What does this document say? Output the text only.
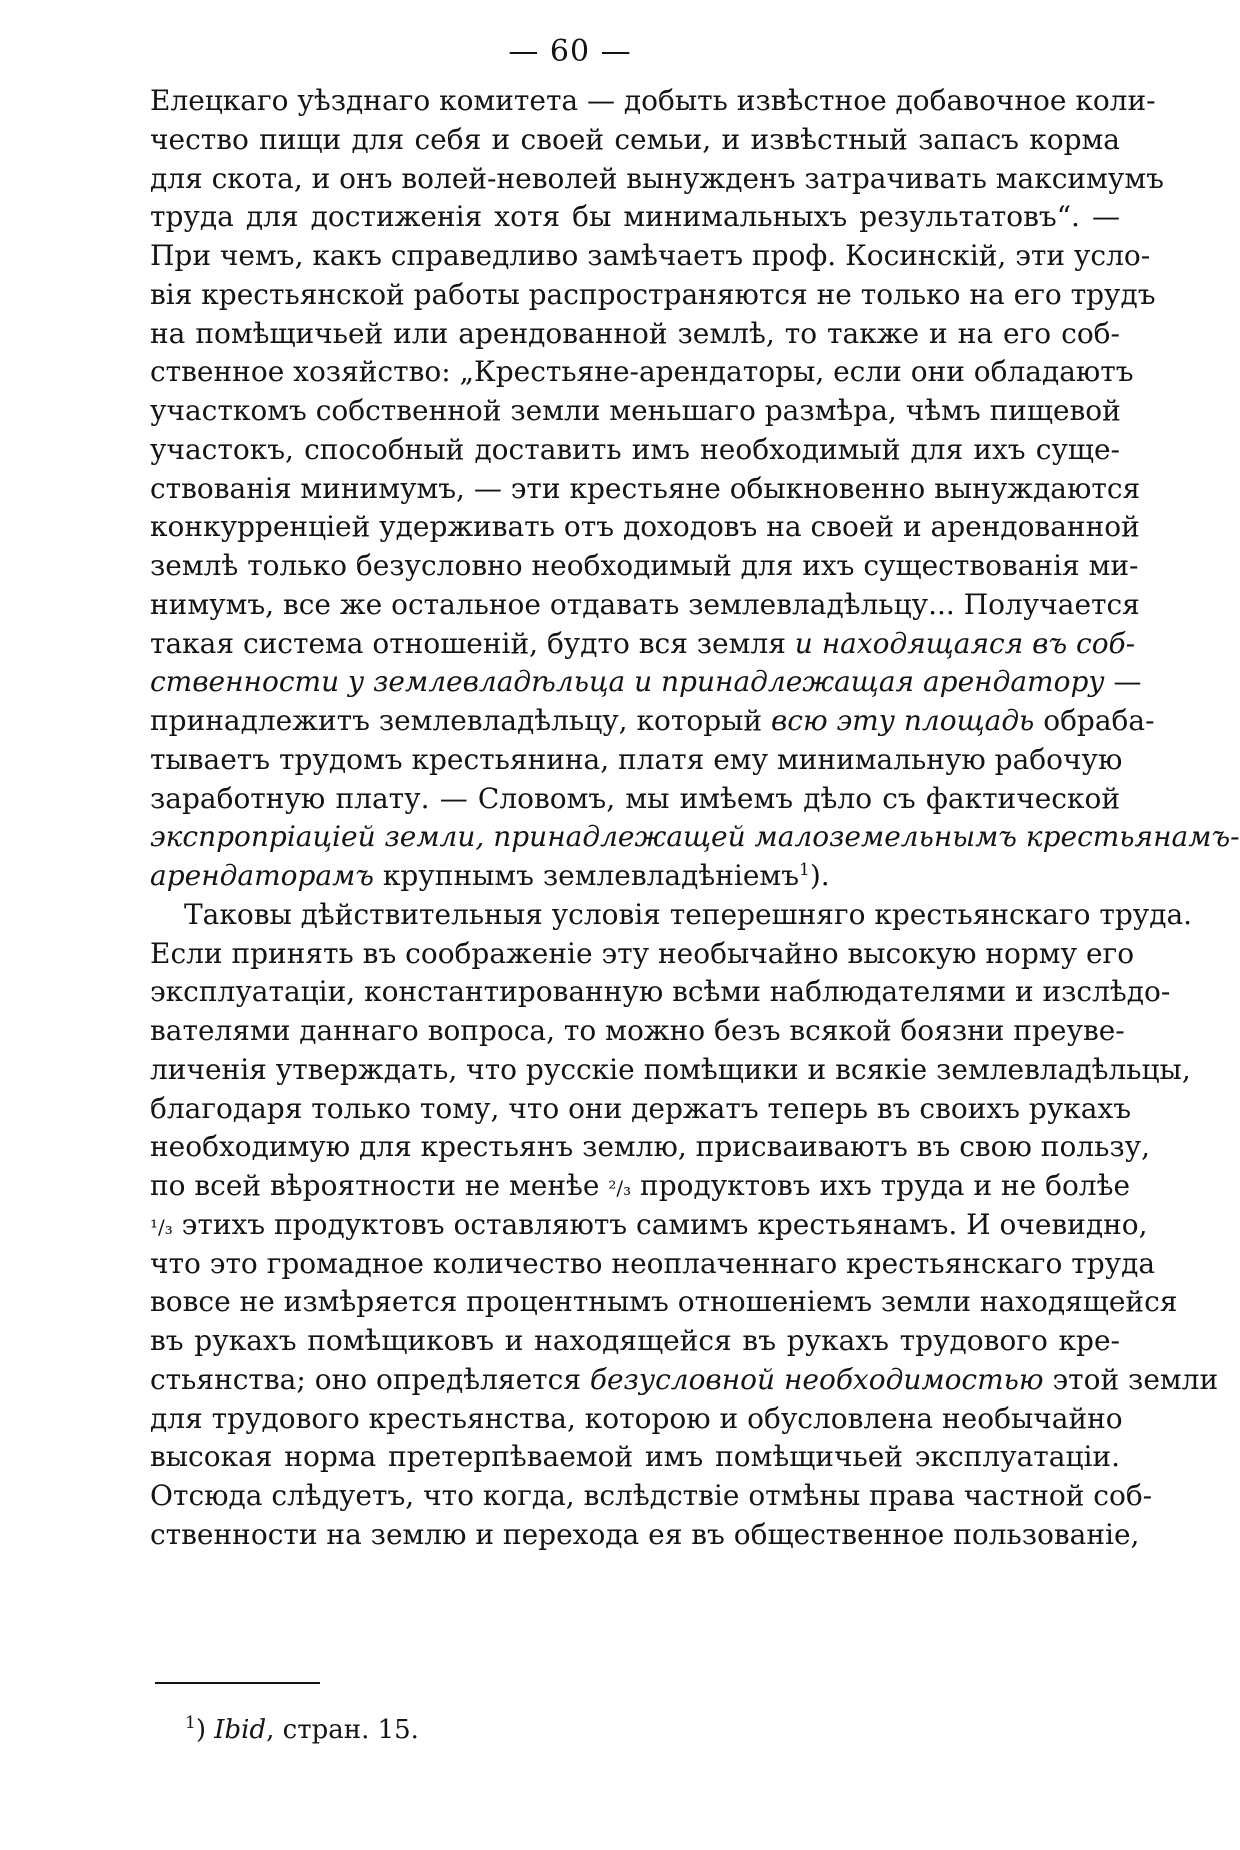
— 60 —
Елецкаго уѣзднаго комитета — добыть извѣстное добавочное коли-
чество пищи для себя и своей семьи, и извѣстный запасъ корма
для скота, и онъ волей-неволей вынужденъ затрачивать максимумъ
труда для достиженія хотя бы минимальныхъ результатовъ“. —
При чемъ, какъ справедливо замѣчаетъ проф. Косинскій, эти усло-
вія крестьянской работы распространяются не только на его трудъ
на помѣщичьей или арендованной землѣ, то также и на его соб-
ственное хозяйство: „Крестьяне-арендаторы, если они обладаютъ
участкомъ собственной земли меньшаго размѣра, чѣмъ пищевой
участокъ, способный доставить имъ необходимый для ихъ суще-
ствованія минимумъ, — эти крестьяне обыкновенно вынуждаются
конкурренціей удерживать отъ доходовъ на своей и арендованной
землѣ только безусловно необходимый для ихъ существованія ми-
нимумъ, все же остальное отдавать землевладѣльцу... Получается
такая система отношеній, будто вся земля и находящаяся въ соб-
ственности у землевладѣльца и принадлежащая арендатору —
принадлежитъ землевладѣльцу, который всю эту площадь обраба-
тываетъ трудомъ крестьянина, платя ему минимальную рабочую
заработную плату. — Словомъ, мы имѣемъ дѣло съ фактической
экспропріаціей земли, принадлежащей малоземельнымъ крестьянамъ-
арендаторамъ крупнымъ землевладѣніемъ$^1$).
Таковы дѣйствительныя условія теперешняго крестьянскаго труда.
Если принять въ соображеніе эту необычайно высокую норму его
эксплуатаціи, константированную всѣми наблюдателями и изслѣдо-
вателями даннаго вопроса, то можно безъ всякой боязни преуве-
личенія утверждать, что русскіе помѣщики и всякіе землевладѣльцы,
благодаря только тому, что они держатъ теперь въ своихъ рукахъ
необходимую для крестьянъ землю, присваиваютъ въ свою пользу,
по всей вѣроятности не менѣе ²/₃ продуктовъ ихъ труда и не болѣе
¹/₃ этихъ продуктовъ оставляютъ самимъ крестьянамъ. И очевидно,
что это громадное количество неоплаченнаго крестьянскаго труда
вовсе не измѣряется процентнымъ отношеніемъ земли находящейся
въ рукахъ помѣщиковъ и находящейся въ рукахъ трудового кре-
стьянства; оно опредѣляется безусловной необходимостью этой земли
для трудового крестьянства, которою и обусловлена необычайно
высокая норма претерпѣваемой имъ помѣщичьей эксплуатаціи.
Отсюда слѣдуетъ, что когда, вслѣдствіе отмѣны права частной соб-
ственности на землю и перехода ея въ общественное пользованіе,
$^1$) Ibid, стран. 15.
